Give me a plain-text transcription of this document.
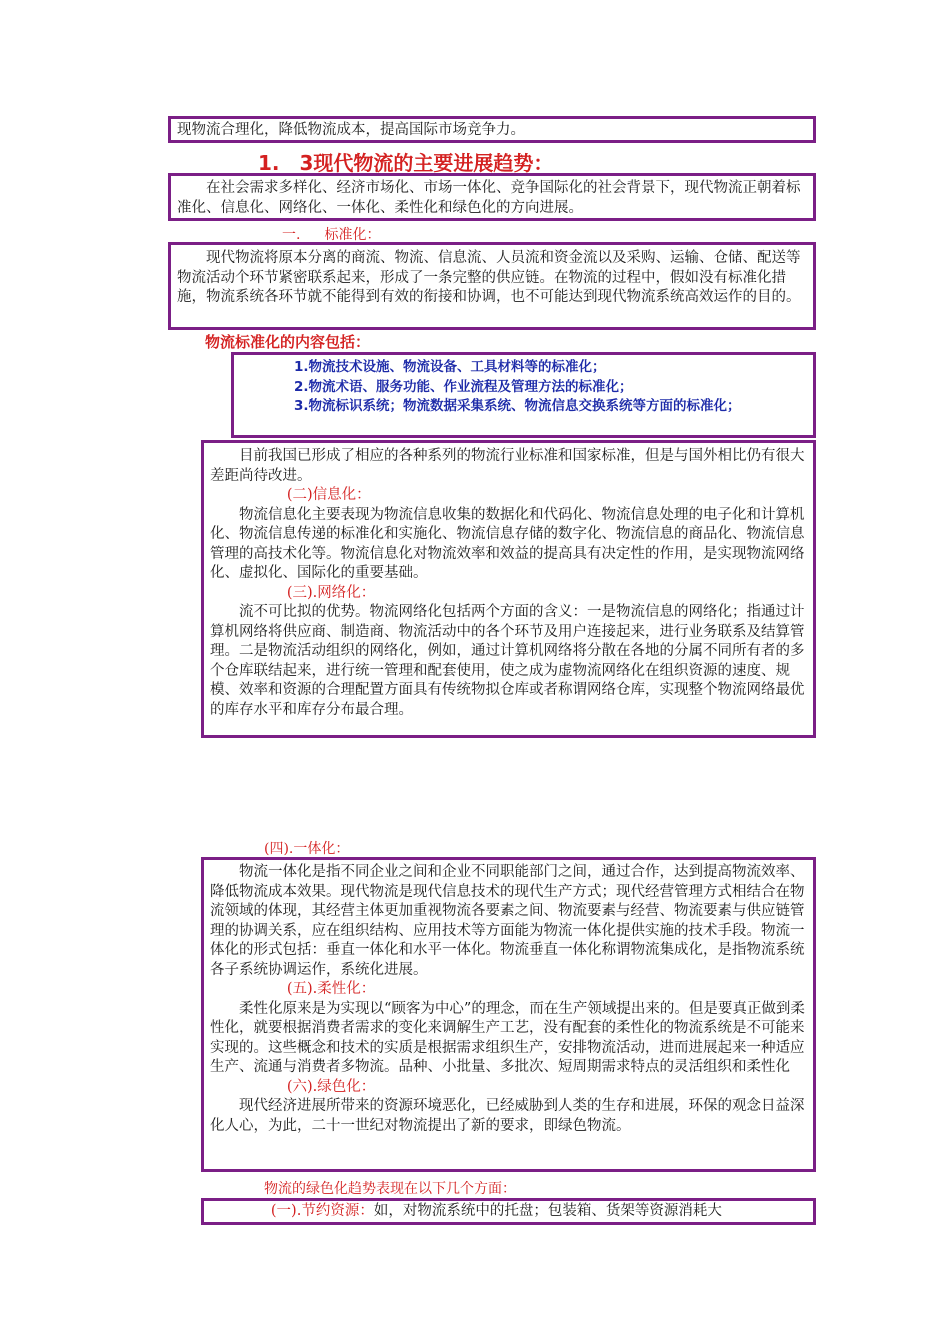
现物流合理化，降低物流成本，提高国际市场竞争力。

1.　3现代物流的主要进展趋势：

在社会需求多样化、经济市场化、市场一体化、竞争国际化的社会背景下，现代物流正朝着标准化、信息化、网络化、一体化、柔性化和绿色化的方向进展。

一. 标准化：

现代物流将原本分离的商流、物流、信息流、人员流和资金流以及采购、运输、仓储、配送等物流活动个环节紧密联系起来，形成了一条完整的供应链。在物流的过程中，假如没有标准化措施，物流系统各环节就不能得到有效的衔接和协调，也不可能达到现代物流系统高效运作的目的。

物流标准化的内容包括：

1.物流技术设施、物流设备、工具材料等的标准化；

2.物流术语、服务功能、作业流程及管理方法的标准化；

3.物流标识系统；物流数据采集系统、物流信息交换系统等方面的标准化；

目前我国已形成了相应的各种系列的物流行业标准和国家标准，但是与国外相比仍有很大差距尚待改进。

(二)信息化：

物流信息化主要表现为物流信息收集的数据化和代码化、物流信息处理的电子化和计算机化、物流信息传递的标准化和实施化、物流信息存储的数字化、物流信息的商品化、物流信息管理的高技术化等。物流信息化对物流效率和效益的提高具有决定性的作用，是实现物流网络化、虚拟化、国际化的重要基础。

(三).网络化：

流不可比拟的优势。物流网络化包括两个方面的含义：一是物流信息的网络化；指通过计算机网络将供应商、制造商、物流活动中的各个环节及用户连接起来，进行业务联系及结算管理。二是物流活动组织的网络化，例如，通过计算机网络将分散在各地的分属不同所有者的多个仓库联结起来，进行统一管理和配套使用，使之成为虚物流网络化在组织资源的速度、规模、效率和资源的合理配置方面具有传统物拟仓库或者称谓网络仓库，实现整个物流网络最优的库存水平和库存分布最合理。

(四).一体化：

物流一体化是指不同企业之间和企业不同职能部门之间，通过合作，达到提高物流效率、降低物流成本效果。现代物流是现代信息技术的现代生产方式；现代经营管理方式相结合在物流领域的体现，其经营主体更加重视物流各要素之间、物流要素与经营、物流要素与供应链管理的协调关系，应在组织结构、应用技术等方面能为物流一体化提供实施的技术手段。物流一体化的形式包括：垂直一体化和水平一体化。物流垂直一体化称谓物流集成化，是指物流系统各子系统协调运作，系统化进展。

(五).柔性化：

柔性化原来是为实现以“顾客为中心”的理念，而在生产领域提出来的。但是要真正做到柔性化，就要根据消费者需求的变化来调解生产工艺，没有配套的柔性化的物流系统是不可能来实现的。这些概念和技术的实质是根据需求组织生产，安排物流活动，进而进展起来一种适应生产、流通与消费者多物流。品种、小批量、多批次、短周期需求特点的灵活组织和柔性化

(六).绿色化：

现代经济进展所带来的资源环境恶化，已经威胁到人类的生存和进展，环保的观念日益深化人心，为此，二十一世纪对物流提出了新的要求，即绿色物流。

物流的绿色化趋势表现在以下几个方面：

(一).节约资源：如，对物流系统中的托盘；包装箱、货架等资源消耗大
